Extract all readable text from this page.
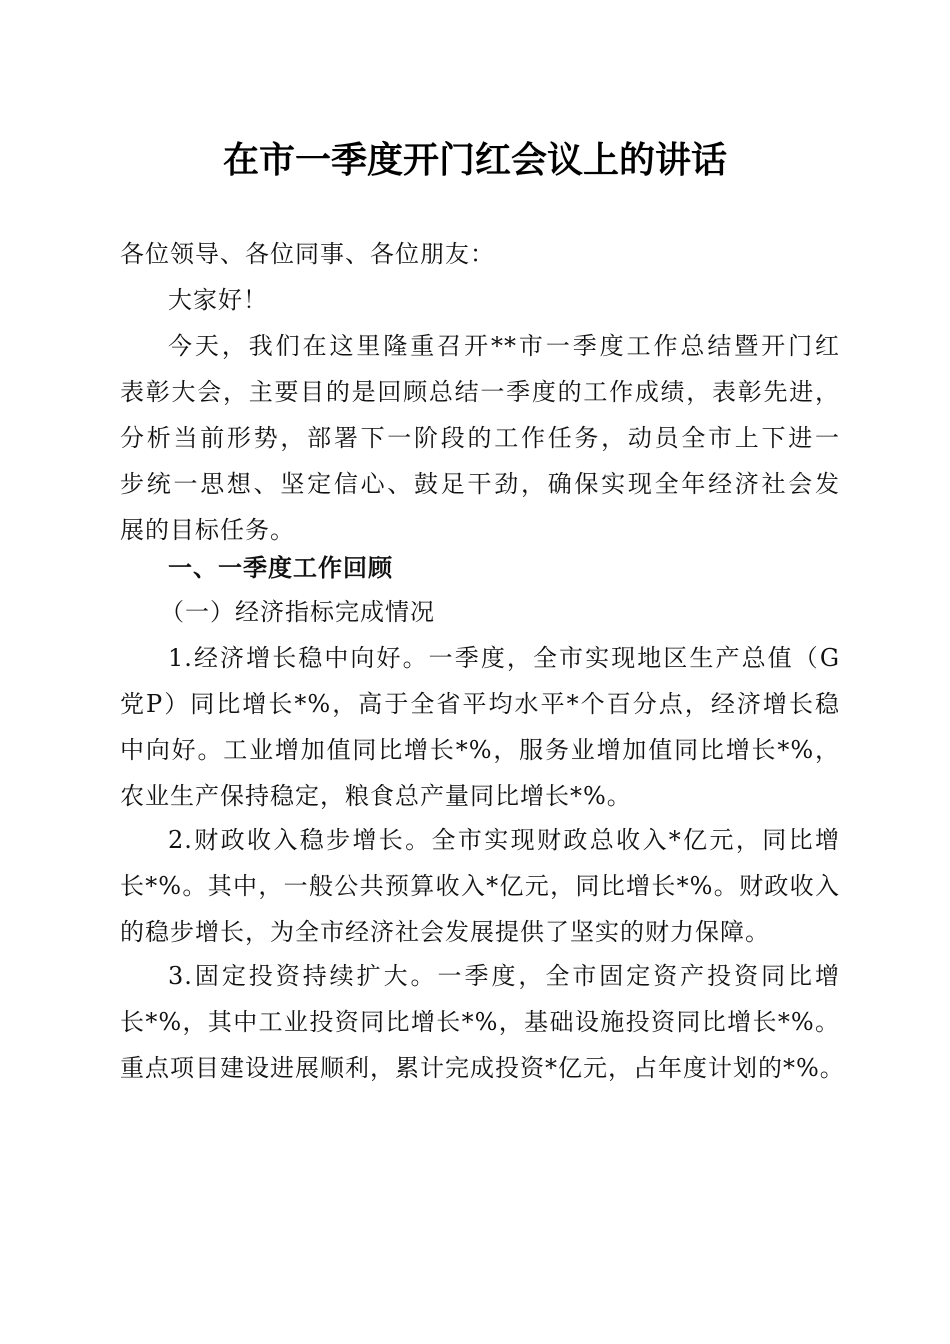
在市一季度开门红会议上的讲话
各位领导、各位同事、各位朋友：
大家好！
今天，我们在这里隆重召开**市一季度工作总结暨开门红
表彰大会，主要目的是回顾总结一季度的工作成绩，表彰先进，
分析当前形势，部署下一阶段的工作任务，动员全市上下进一
步统一思想、坚定信心、鼓足干劲，确保实现全年经济社会发
展的目标任务。
一、一季度工作回顾
（一）经济指标完成情况
1.经济增长稳中向好。一季度，全市实现地区生产总值（G
党P）同比增长*%，高于全省平均水平*个百分点，经济增长稳
中向好。工业增加值同比增长*%，服务业增加值同比增长*%，
农业生产保持稳定，粮食总产量同比增长*%。
2.财政收入稳步增长。全市实现财政总收入*亿元，同比增
长*%。其中，一般公共预算收入*亿元，同比增长*%。财政收入
的稳步增长，为全市经济社会发展提供了坚实的财力保障。
3.固定投资持续扩大。一季度，全市固定资产投资同比增
长*%，其中工业投资同比增长*%，基础设施投资同比增长*%。
重点项目建设进展顺利，累计完成投资*亿元，占年度计划的*%。
